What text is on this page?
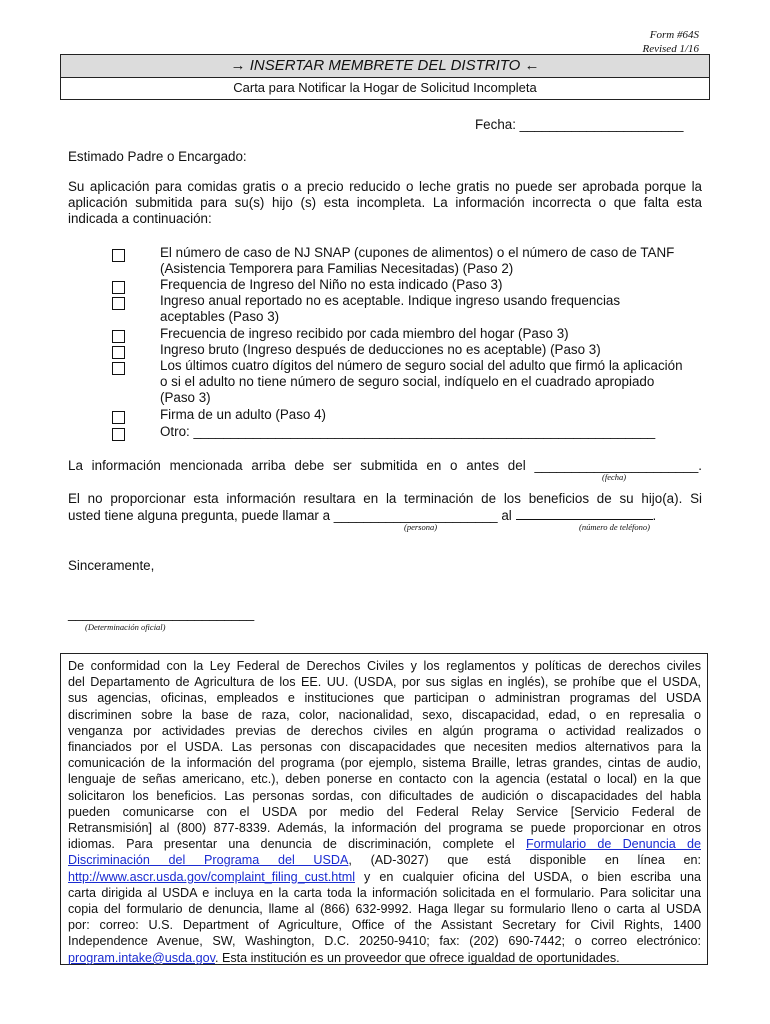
Form #64S
Revised 1/16
→ INSERTAR MEMBRETE DEL DISTRITO ←
Carta para Notificar la Hogar de Solicitud Incompleta
Fecha: ______________________
Estimado Padre o Encargado:
Su aplicación para comidas gratis o a precio reducido o leche gratis no puede ser aprobada porque la
aplicación submitida para su(s) hijo (s) esta incompleta. La información incorrecta o que falta esta
indicada a continuación:
El número de caso de NJ SNAP (cupones de alimentos) o el número de caso de TANF
(Asistencia Temporera para Familias Necesitadas) (Paso 2)
Frequencia de Ingreso del Niño no esta indicado (Paso 3)
Ingreso anual reportado no es aceptable. Indique ingreso usando frequencias
aceptables (Paso 3)
Frecuencia de ingreso recibido por cada miembro del hogar (Paso 3)
Ingreso bruto (Ingreso después de deducciones no es aceptable) (Paso 3)
Los últimos cuatro dígitos del número de seguro social del adulto que firmó la aplicación
o si el adulto no tiene número de seguro social, indíquelo en el cuadrado apropiado
(Paso 3)
Firma de un adulto (Paso 4)
Otro: ______________________________________________________________
La información mencionada arriba debe ser submitida en o antes del ______________________.
(fecha)
El no proporcionar esta información resultara en la terminación de los beneficios de su hijo(a). Si
usted tiene alguna pregunta, puede llamar a ______________________ al	.
(persona)	(número de teléfono)
Sinceramente,
_________________________
(Determinación oficial)
De conformidad con la Ley Federal de Derechos Civiles y los reglamentos y políticas de derechos civiles
del Departamento de Agricultura de los EE. UU. (USDA, por sus siglas en inglés), se prohíbe que el USDA,
sus agencias, oficinas, empleados e instituciones que participan o administran programas del USDA
discriminen sobre la base de raza, color, nacionalidad, sexo, discapacidad, edad, o en represalia o
venganza por actividades previas de derechos civiles en algún programa o actividad realizados o
financiados por el USDA. Las personas con discapacidades que necesiten medios alternativos para la
comunicación de la información del programa (por ejemplo, sistema Braille, letras grandes, cintas de audio,
lenguaje de señas americano, etc.), deben ponerse en contacto con la agencia (estatal o local) en la que
solicitaron los beneficios. Las personas sordas, con dificultades de audición o discapacidades del habla
pueden comunicarse con el USDA por medio del Federal Relay Service [Servicio Federal de
Retransmisión] al (800) 877-8339. Además, la información del programa se puede proporcionar en otros
idiomas. Para presentar una denuncia de discriminación, complete el Formulario de Denuncia de
Discriminación del Programa del USDA, (AD-3027) que está disponible en línea en:
http://www.ascr.usda.gov/complaint_filing_cust.html y en cualquier oficina del USDA, o bien escriba una
carta dirigida al USDA e incluya en la carta toda la información solicitada en el formulario. Para solicitar una
copia del formulario de denuncia, llame al (866) 632-9992. Haga llegar su formulario lleno o carta al USDA
por: correo: U.S. Department of Agriculture, Office of the Assistant Secretary for Civil Rights, 1400
Independence Avenue, SW, Washington, D.C. 20250-9410; fax: (202) 690-7442; o correo electrónico:
program.intake@usda.gov. Esta institución es un proveedor que ofrece igualdad de oportunidades.
